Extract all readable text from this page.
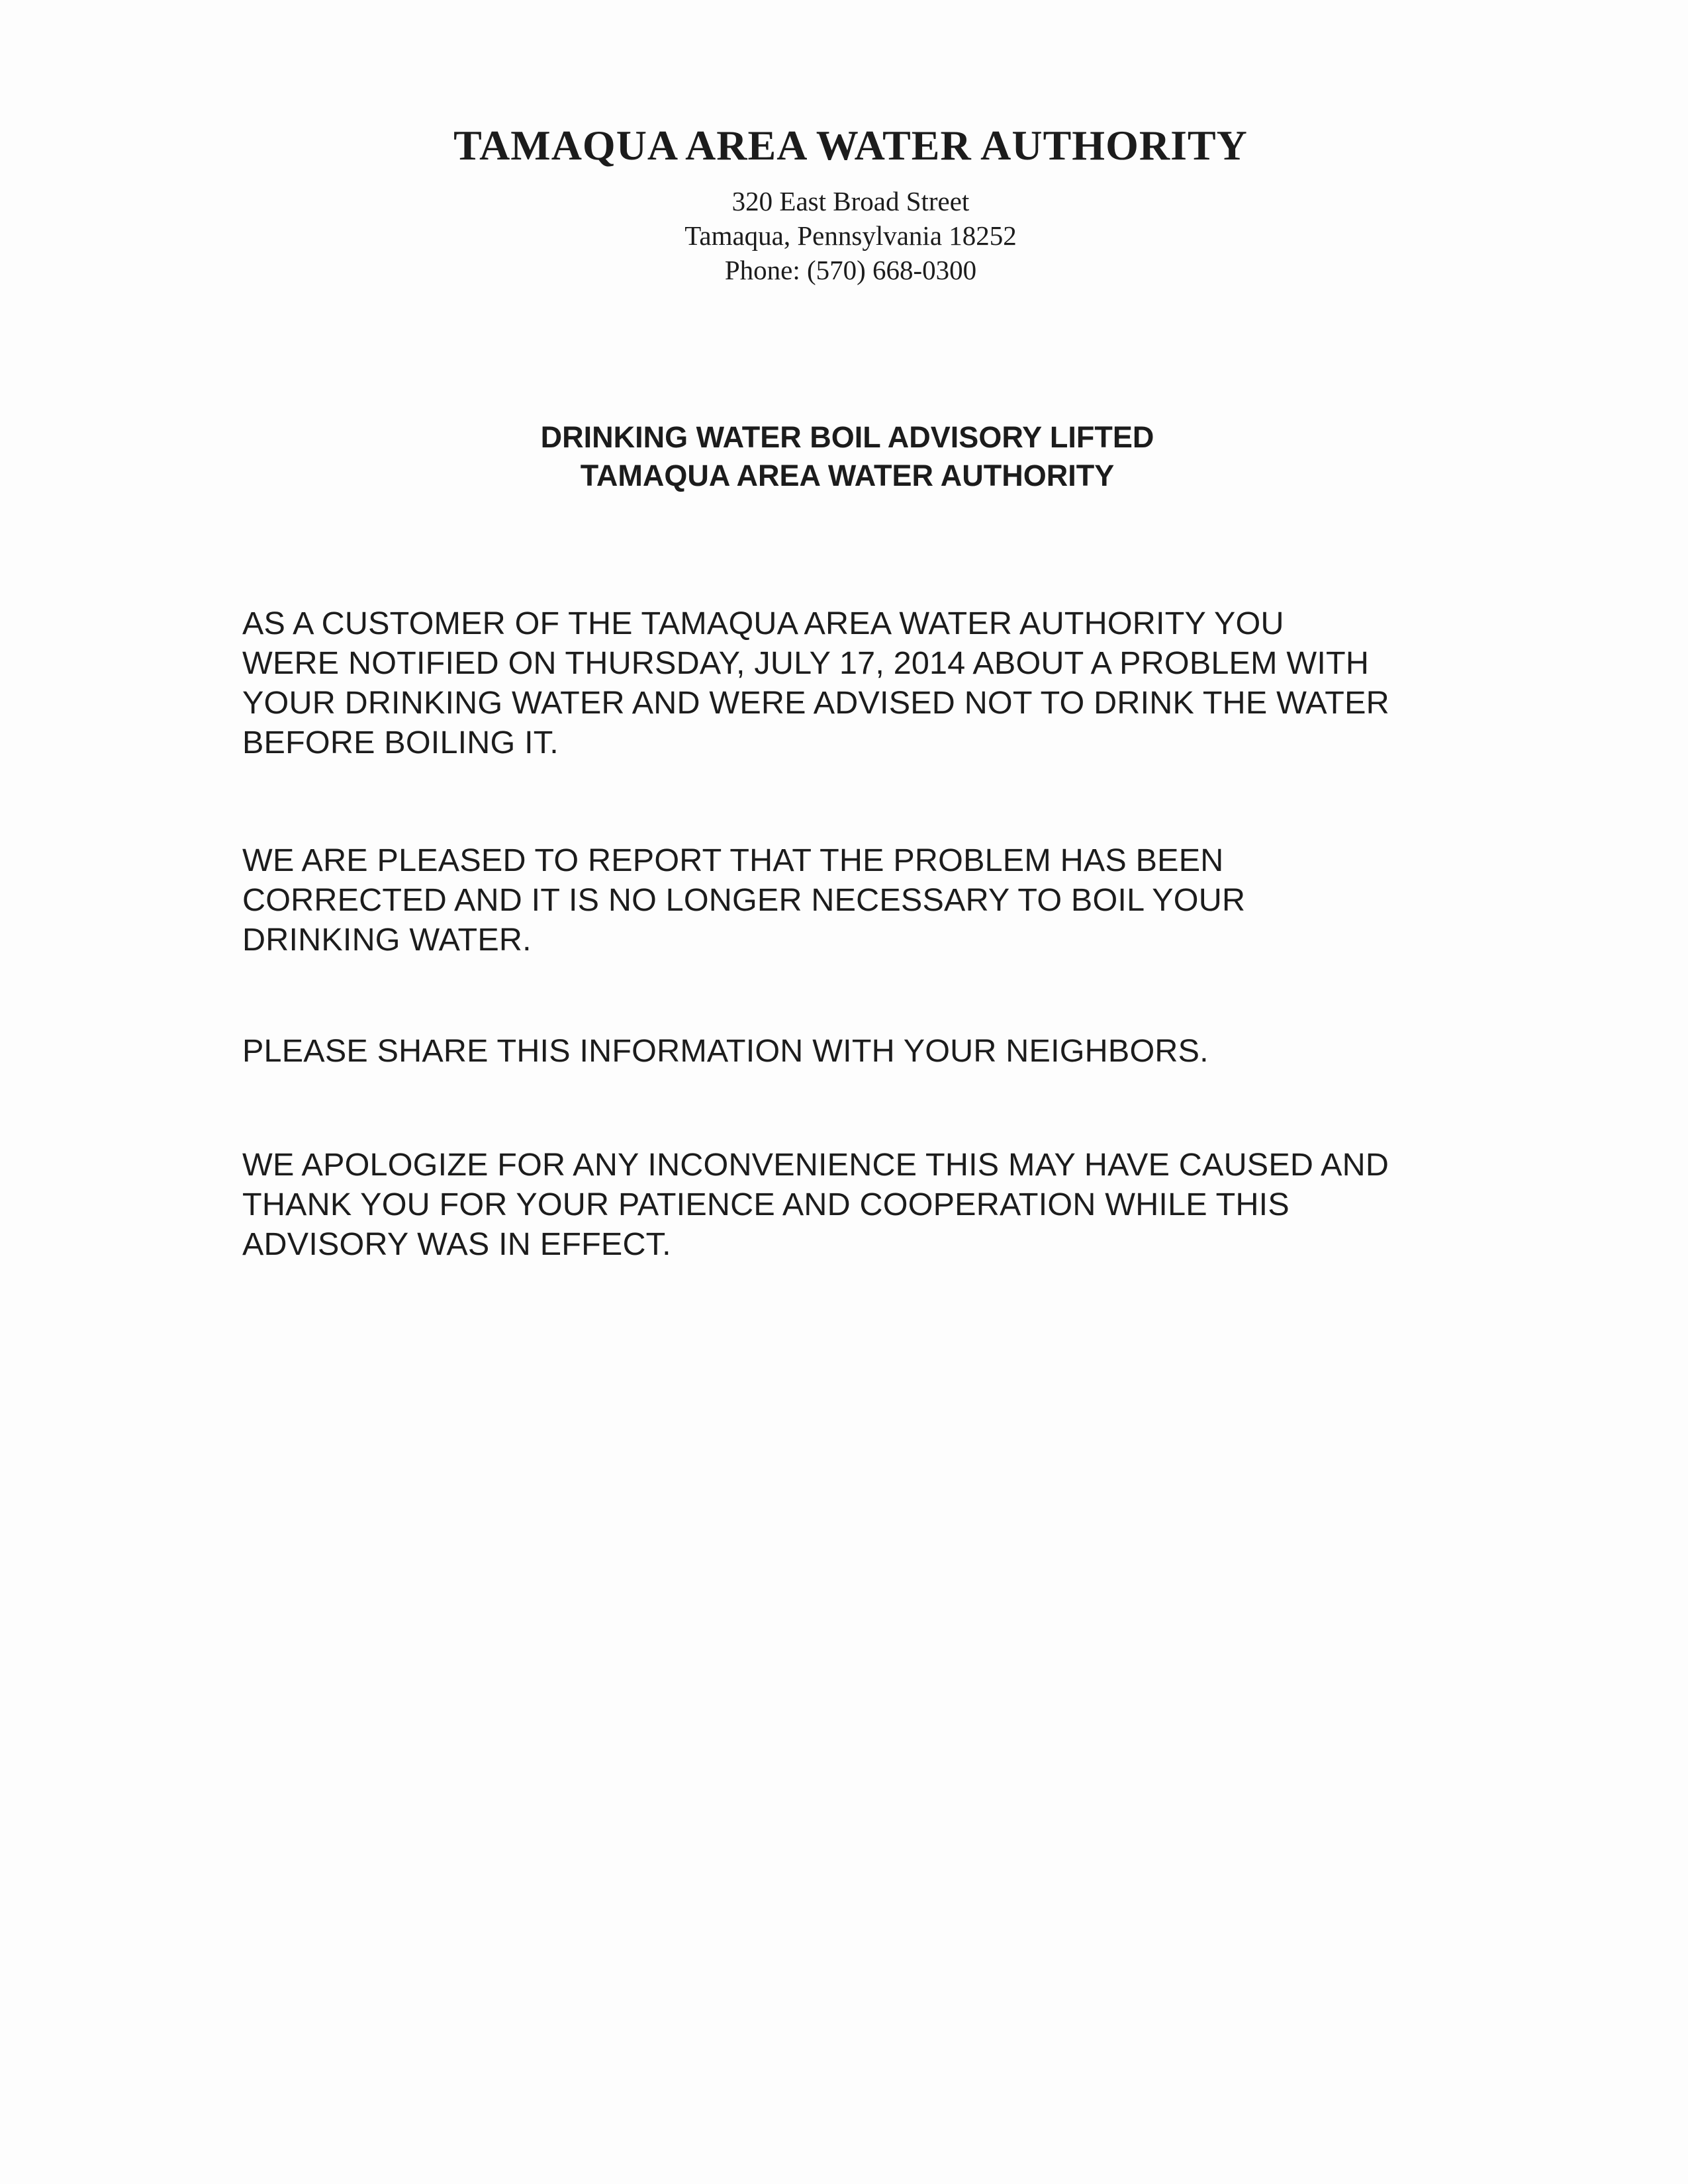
TAMAQUA AREA WATER AUTHORITY
320 East Broad Street
Tamaqua, Pennsylvania 18252
Phone: (570) 668-0300
DRINKING WATER BOIL ADVISORY LIFTED
TAMAQUA AREA WATER AUTHORITY
AS A CUSTOMER OF THE TAMAQUA AREA WATER AUTHORITY YOU
WERE NOTIFIED ON THURSDAY, JULY 17, 2014 ABOUT A PROBLEM WITH
YOUR DRINKING WATER AND WERE ADVISED NOT TO DRINK THE WATER
BEFORE BOILING IT.
WE ARE PLEASED TO REPORT THAT THE PROBLEM HAS BEEN
CORRECTED AND IT IS NO LONGER NECESSARY TO BOIL YOUR
DRINKING WATER.
PLEASE SHARE THIS INFORMATION WITH YOUR NEIGHBORS.
WE APOLOGIZE FOR ANY INCONVENIENCE THIS MAY HAVE CAUSED AND
THANK YOU FOR YOUR PATIENCE AND COOPERATION WHILE THIS
ADVISORY WAS IN EFFECT.
